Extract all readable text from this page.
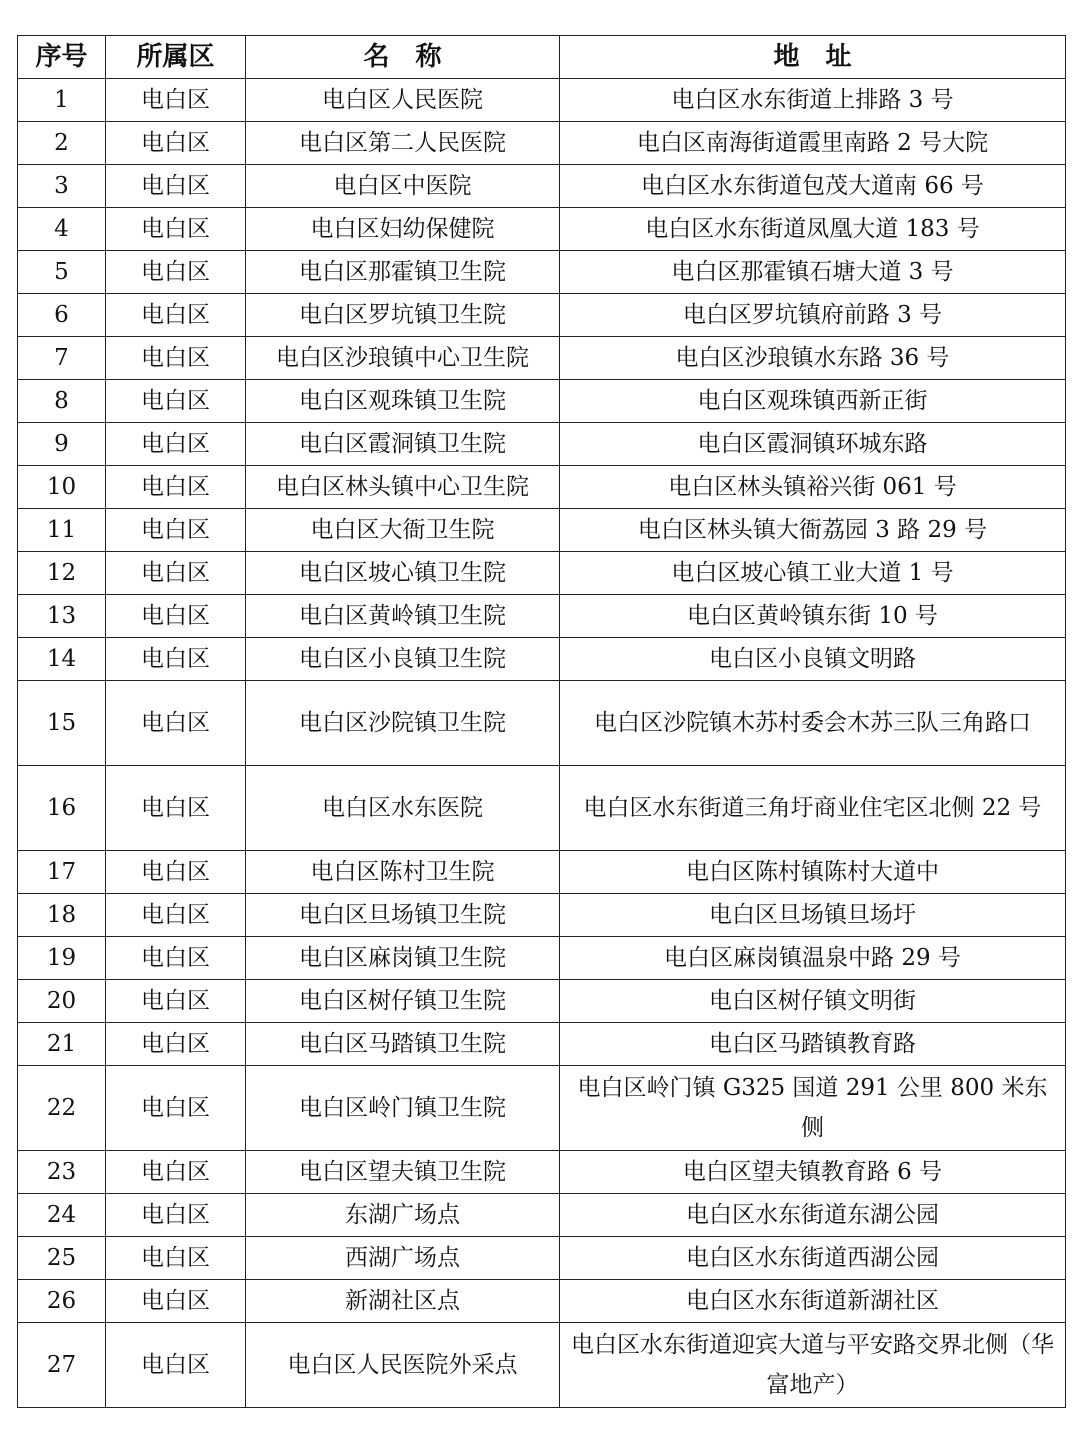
序号	所属区	名　称	地　址
1	电白区	电白区人民医院	电白区水东街道上排路 3 号
2	电白区	电白区第二人民医院	电白区南海街道霞里南路 2 号大院
3	电白区	电白区中医院	电白区水东街道包茂大道南 66 号
4	电白区	电白区妇幼保健院	电白区水东街道凤凰大道 183 号
5	电白区	电白区那霍镇卫生院	电白区那霍镇石塘大道 3 号
6	电白区	电白区罗坑镇卫生院	电白区罗坑镇府前路 3 号
7	电白区	电白区沙琅镇中心卫生院	电白区沙琅镇水东路 36 号
8	电白区	电白区观珠镇卫生院	电白区观珠镇西新正街
9	电白区	电白区霞洞镇卫生院	电白区霞洞镇环城东路
10	电白区	电白区林头镇中心卫生院	电白区林头镇裕兴街 061 号
11	电白区	电白区大衙卫生院	电白区林头镇大衙荔园 3 路 29 号
12	电白区	电白区坡心镇卫生院	电白区坡心镇工业大道 1 号
13	电白区	电白区黄岭镇卫生院	电白区黄岭镇东街 10 号
14	电白区	电白区小良镇卫生院	电白区小良镇文明路
15	电白区	电白区沙院镇卫生院	电白区沙院镇木苏村委会木苏三队三角路口
16	电白区	电白区水东医院	电白区水东街道三角圩商业住宅区北侧 22 号
17	电白区	电白区陈村卫生院	电白区陈村镇陈村大道中
18	电白区	电白区旦场镇卫生院	电白区旦场镇旦场圩
19	电白区	电白区麻岗镇卫生院	电白区麻岗镇温泉中路 29 号
20	电白区	电白区树仔镇卫生院	电白区树仔镇文明街
21	电白区	电白区马踏镇卫生院	电白区马踏镇教育路
22	电白区	电白区岭门镇卫生院	电白区岭门镇 G325 国道 291 公里 800 米东侧
23	电白区	电白区望夫镇卫生院	电白区望夫镇教育路 6 号
24	电白区	东湖广场点	电白区水东街道东湖公园
25	电白区	西湖广场点	电白区水东街道西湖公园
26	电白区	新湖社区点	电白区水东街道新湖社区
27	电白区	电白区人民医院外采点	电白区水东街道迎宾大道与平安路交界北侧（华富地产）
